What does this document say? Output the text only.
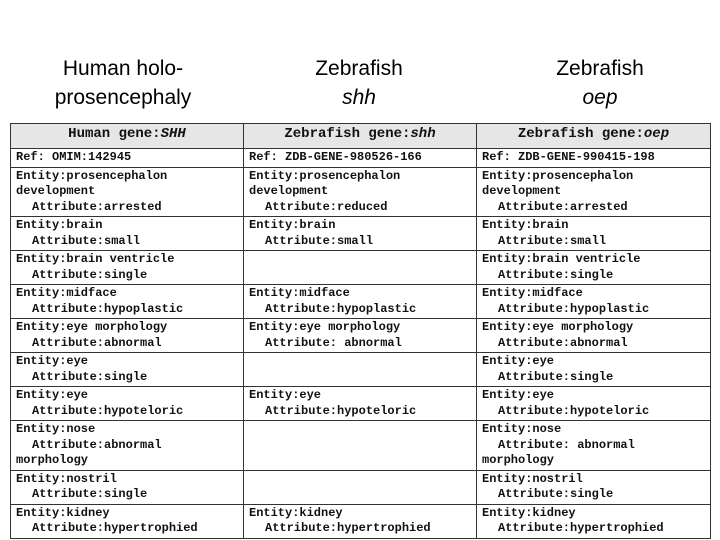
Human holo-
prosencephaly
Zebrafish
shh
Zebrafish
oep
Human gene:SHH	Zebrafish gene:shh	Zebrafish gene:oep
Ref: OMIM:142945	Ref: ZDB-GENE-980526-166	Ref: ZDB-GENE-990415-198
Entity:prosencephalon
development
Attribute:arrested	Entity:prosencephalon
development
Attribute:reduced	Entity:prosencephalon
development
Attribute:arrested

Entity:brain
Attribute:small	Entity:brain
Attribute:small	Entity:brain
Attribute:small

Entity:brain ventricle
Attribute:single		Entity:brain ventricle
Attribute:single

Entity:midface
Attribute:hypoplastic	Entity:midface
Attribute:hypoplastic	Entity:midface
Attribute:hypoplastic

Entity:eye morphology
Attribute:abnormal	Entity:eye morphology
Attribute: abnormal	Entity:eye morphology
Attribute:abnormal

Entity:eye
Attribute:single		Entity:eye
Attribute:single

Entity:eye
Attribute:hypoteloric	Entity:eye
Attribute:hypoteloric	Entity:eye
Attribute:hypoteloric

Entity:nose
Attribute:abnormal
morphology		Entity:nose
Attribute: abnormal
morphology

Entity:nostril
Attribute:single		Entity:nostril
Attribute:single

Entity:kidney
Attribute:hypertrophied	Entity:kidney
Attribute:hypertrophied	Entity:kidney
Attribute:hypertrophied
